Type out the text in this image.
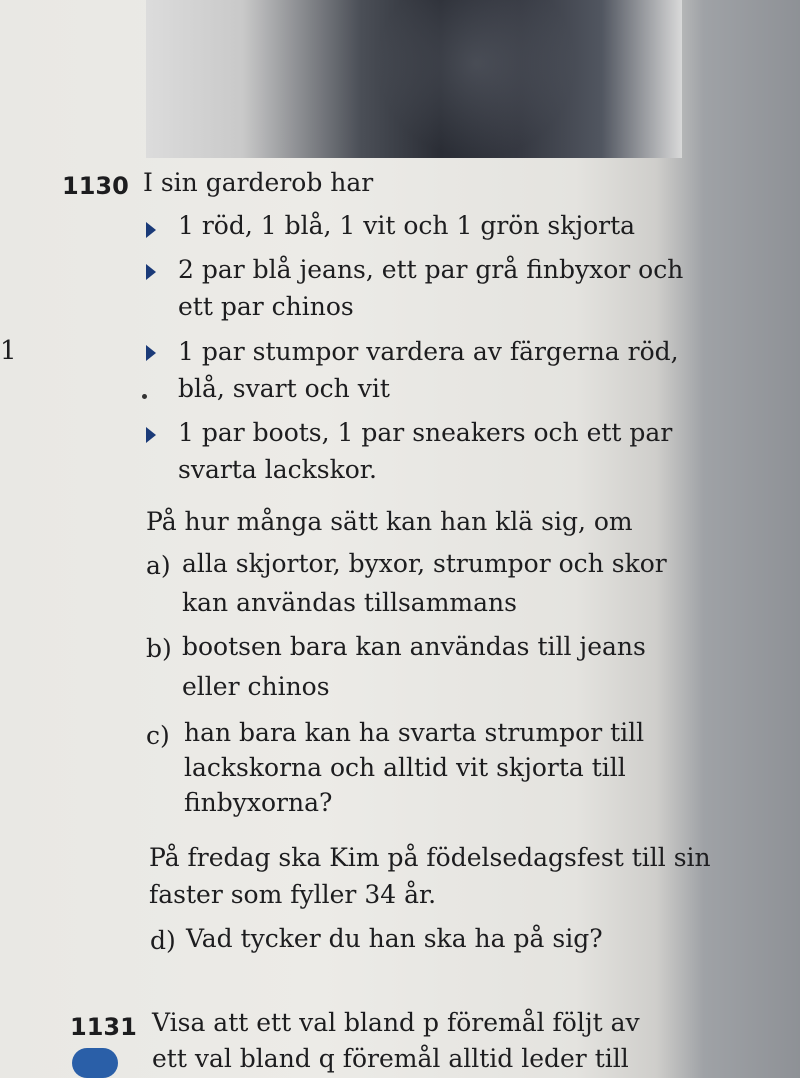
1
1130 I sin garderob har
1 röd, 1 blå, 1 vit och 1 grön skjorta
2 par blå jeans, ett par grå finbyxor och
ett par chinos
1 par stumpor vardera av färgerna röd,
blå, svart och vit
1 par boots, 1 par sneakers och ett par
svarta lackskor.
På hur många sätt kan han klä sig, om
a) alla skjortor, byxor, strumpor och skor
kan användas tillsammans
b) bootsen bara kan användas till jeans
eller chinos
c) han bara kan ha svarta strumpor till
lackskorna och alltid vit skjorta till
finbyxorna?
På fredag ska Kim på födelsedagsfest till sin
faster som fyller 34 år.
d) Vad tycker du han ska ha på sig?
1131 Visa att ett val bland p föremål följt av
ett val bland q föremål alltid leder till
